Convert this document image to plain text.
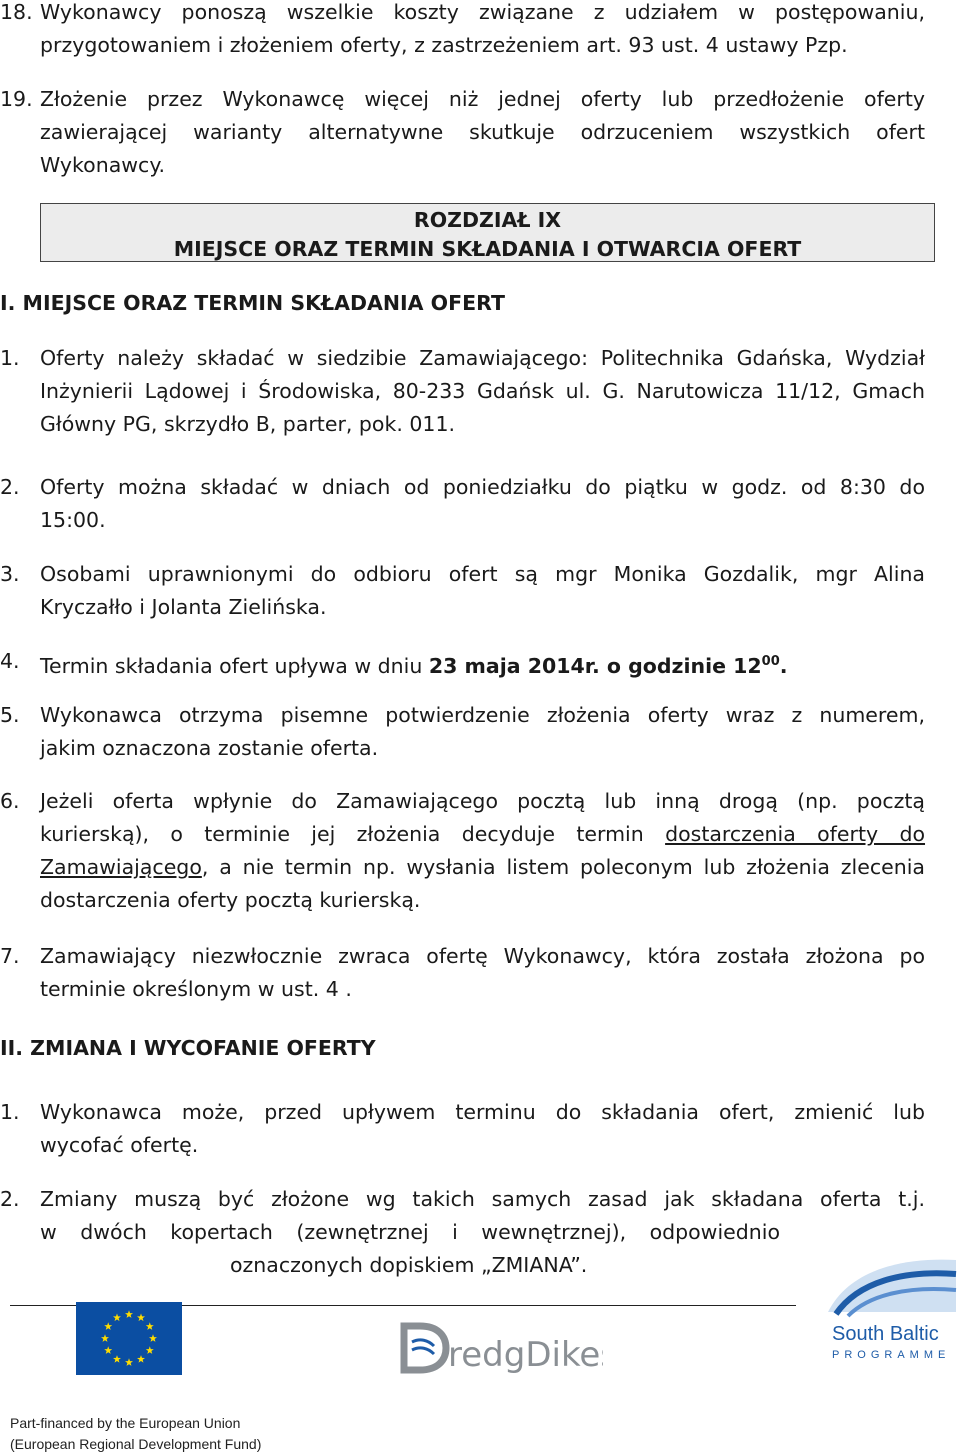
18. Wykonawcy ponoszą wszelkie koszty związane z udziałem w postępowaniu,
przygotowaniem i złożeniem oferty, z zastrzeżeniem art. 93 ust. 4 ustawy Pzp.
19. Złożenie przez Wykonawcę więcej niż jednej oferty lub przedłożenie oferty
zawierającej warianty alternatywne skutkuje odrzuceniem wszystkich ofert
Wykonawcy.
ROZDZIAŁ IX
MIEJSCE ORAZ TERMIN SKŁADANIA I OTWARCIA OFERT
I. MIEJSCE ORAZ TERMIN SKŁADANIA OFERT
1. Oferty należy składać w siedzibie Zamawiającego: Politechnika Gdańska, Wydział
Inżynierii Lądowej i Środowiska, 80-233 Gdańsk ul. G. Narutowicza 11/12, Gmach
Główny PG, skrzydło B, parter, pok. 011.
2. Oferty można składać w dniach od poniedziałku do piątku w godz. od 8:30 do
15:00.
3. Osobami uprawnionymi do odbioru ofert są mgr Monika Gozdalik, mgr Alina
Kryczałło i Jolanta Zielińska.
4. Termin składania ofert upływa w dniu 23 maja 2014r. o godzinie $12^{00}$.
5. Wykonawca otrzyma pisemne potwierdzenie złożenia oferty wraz z numerem,
jakim oznaczona zostanie oferta.
6. Jeżeli oferta wpłynie do Zamawiającego pocztą lub inną drogą (np. pocztą
kurierską), o terminie jej złożenia decyduje termin dostarczenia oferty do
Zamawiającego, a nie termin np. wysłania listem poleconym lub złożenia zlecenia
dostarczenia oferty pocztą kurierską.
7. Zamawiający niezwłocznie zwraca ofertę Wykonawcy, która została złożona po
terminie określonym w ust. 4 .
II. ZMIANA I WYCOFANIE OFERTY
1. Wykonawca może, przed upływem terminu do składania ofert, zmienić lub
wycofać ofertę.
2. Zmiany muszą być złożone wg takich samych zasad jak składana oferta t.j.
w dwóch kopertach (zewnętrznej i wewnętrznej), odpowiednio
oznaczonych dopiskiem „ZMIANA”.
redgDikes
South Baltic
PROGRAMME
Part-financed by the European Union
(European Regional Development Fund)
